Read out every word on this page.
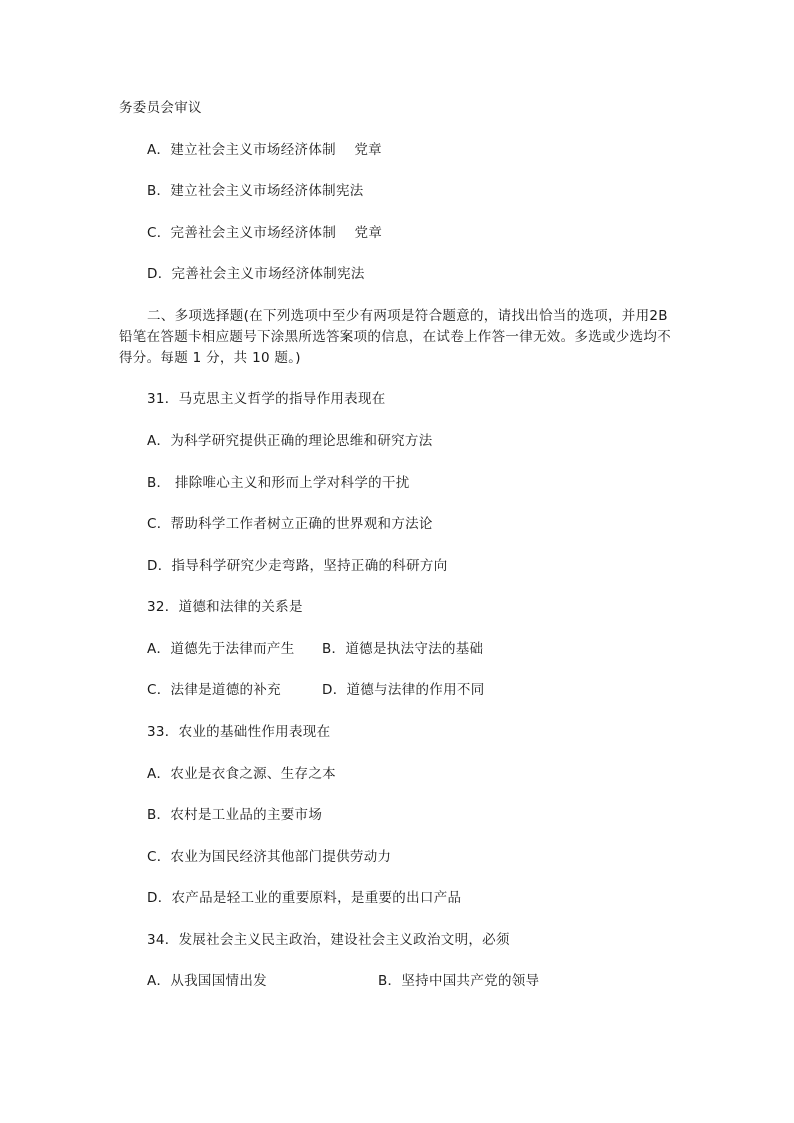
务委员会审议
A．建立社会主义市场经济体制　 党章
B．建立社会主义市场经济体制宪法
C．完善社会主义市场经济体制　 党章
D．完善社会主义市场经济体制宪法
二、多项选择题(在下列选项中至少有两项是符合题意的，请找出恰当的选项，并用2B铅笔在答题卡相应题号下涂黑所选答案项的信息，在试卷上作答一律无效。多选或少选均不得分。每题 1 分，共 10 题。)
31．马克思主义哲学的指导作用表现在
A．为科学研究提供正确的理论思维和研究方法
B． 排除唯心主义和形而上学对科学的干扰
C．帮助科学工作者树立正确的世界观和方法论
D．指导科学研究少走弯路，坚持正确的科研方向
32．道德和法律的关系是
A．道德先于法律而产生 B．道德是执法守法的基础
C．法律是道德的补充	D．道德与法律的作用不同
33．农业的基础性作用表现在
A．农业是衣食之源、生存之本
B．农村是工业品的主要市场
C．农业为国民经济其他部门提供劳动力
D．农产品是轻工业的重要原料，是重要的出口产品
34．发展社会主义民主政治，建设社会主义政治文明，必须
A．从我国国情出发	B．坚持中国共产党的领导
